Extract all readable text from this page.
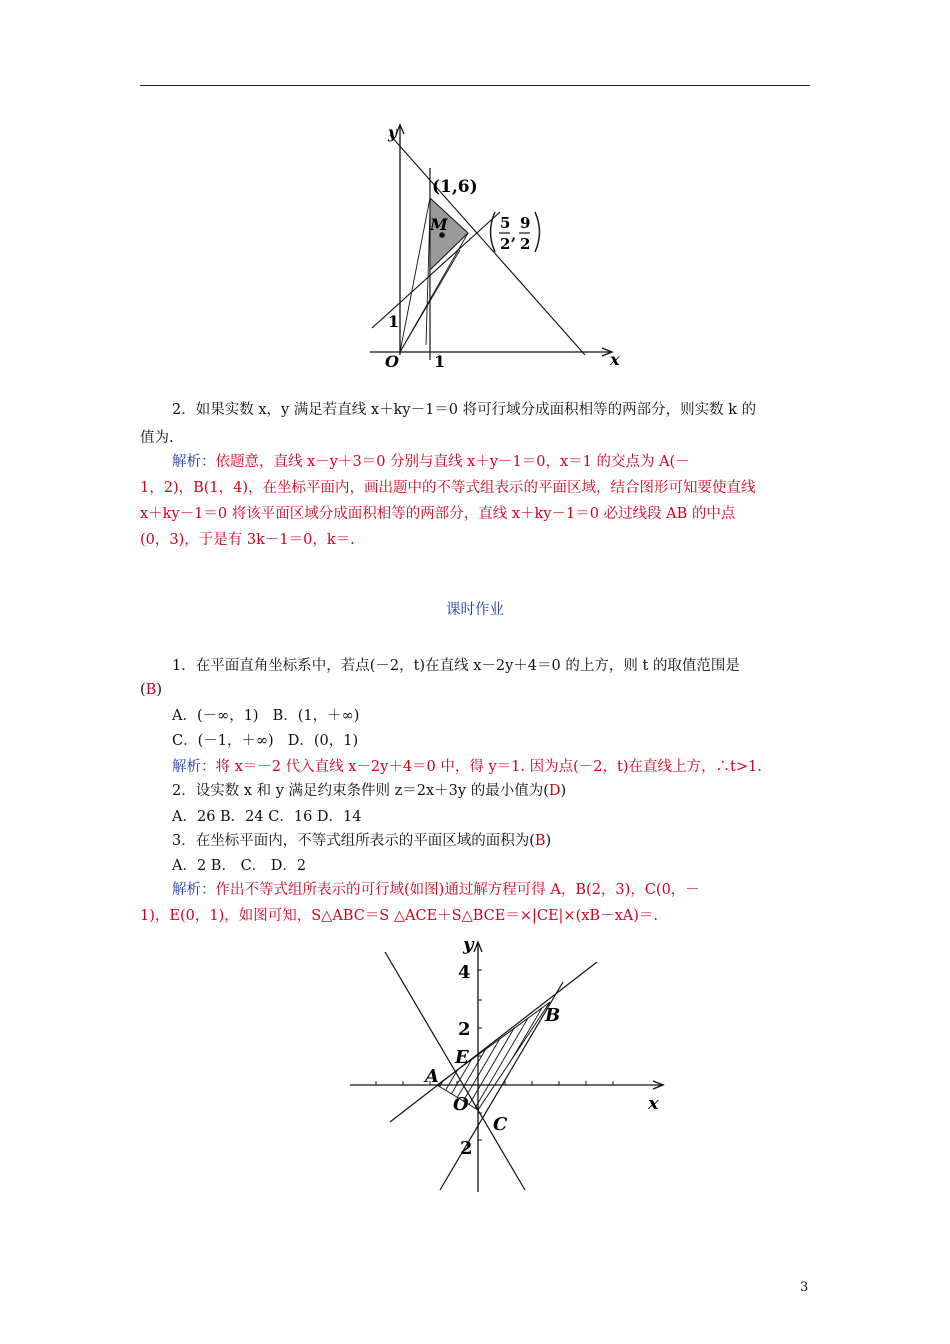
y
x
O 1
1
(1,6)
M	5
2 ,
9
2
2．如果实数 x，y 满足若直线 x＋ky－1＝0 将可行域分成面积相等的两部分，则实数 k 的
值为.
解析：依题意，直线 x－y＋3＝0 分别与直线 x＋y－1＝0，x＝1 的交点为 A(－
1，2)，B(1，4)，在坐标平面内，画出题中的不等式组表示的平面区域，结合图形可知要使直线
x＋ky－1＝0 将该平面区域分成面积相等的两部分，直线 x＋ky－1＝0 必过线段 AB 的中点
(0，3)，于是有 3k－1＝0，k＝.
课时作业
1．在平面直角坐标系中，若点(－2，t)在直线 x－2y＋4＝0 的上方，则 t 的取值范围是
(B)
A．(－∞，1) B．(1，＋∞)
C．(－1，＋∞) D．(0，1)
解析：将 x＝－2 代入直线 x－2y＋4＝0 中，得 y＝1. 因为点(－2，t)在直线上方，∴t>1.
2．设实数 x 和 y 满足约束条件则 z＝2x＋3y 的最小值为(D)
A．26 B．24 C．16 D．14
3．在坐标平面内，不等式组所表示的平面区域的面积为(B)
A．2 B． C． D．2
解析：作出不等式组所表示的可行域(如图)通过解方程可得 A，B(2，3)，C(0，－
1)，E(0，1)，如图可知，S△ABC＝S △ACE＋S△BCE＝×|CE|×(xB－xA)＝.
y
x
O
4
2
2
A
B
C
E
3
